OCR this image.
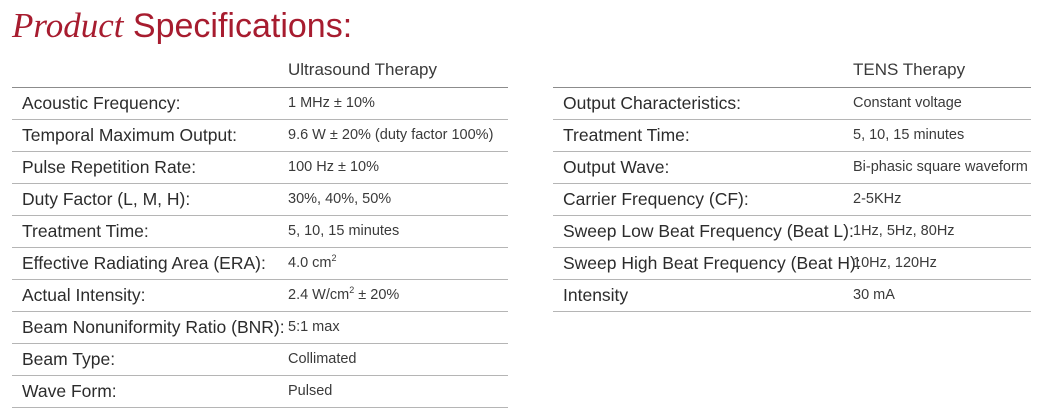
Product Specifications:
Ultrasound Therapy
Acoustic Frequency:	1 MHz ± 10%
Temporal Maximum Output:	9.6 W ± 20% (duty factor 100%)
Pulse Repetition Rate:	100 Hz ± 10%
Duty Factor (L, M, H):	30%, 40%, 50%
Treatment Time:	5, 10, 15 minutes
Effective Radiating Area (ERA): 4.0 $cm^2$
Actual Intensity:	2.4 $W/cm^2 \pm 20\%$
Beam Nonuniformity Ratio (BNR): 5:1 max
Beam Type:	Collimated
Wave Form:	Pulsed
TENS Therapy
Output Characteristics:	Constant voltage
Treatment Time:	5, 10, 15 minutes
Output Wave:	Bi-phasic square waveform
Carrier Frequency (CF):	2-5KHz
Sweep Low Beat Frequency (Beat L): 1Hz, 5Hz, 80Hz
Sweep High Beat Frequency (Beat H):
10Hz, 120Hz
Intensity	30 mA
